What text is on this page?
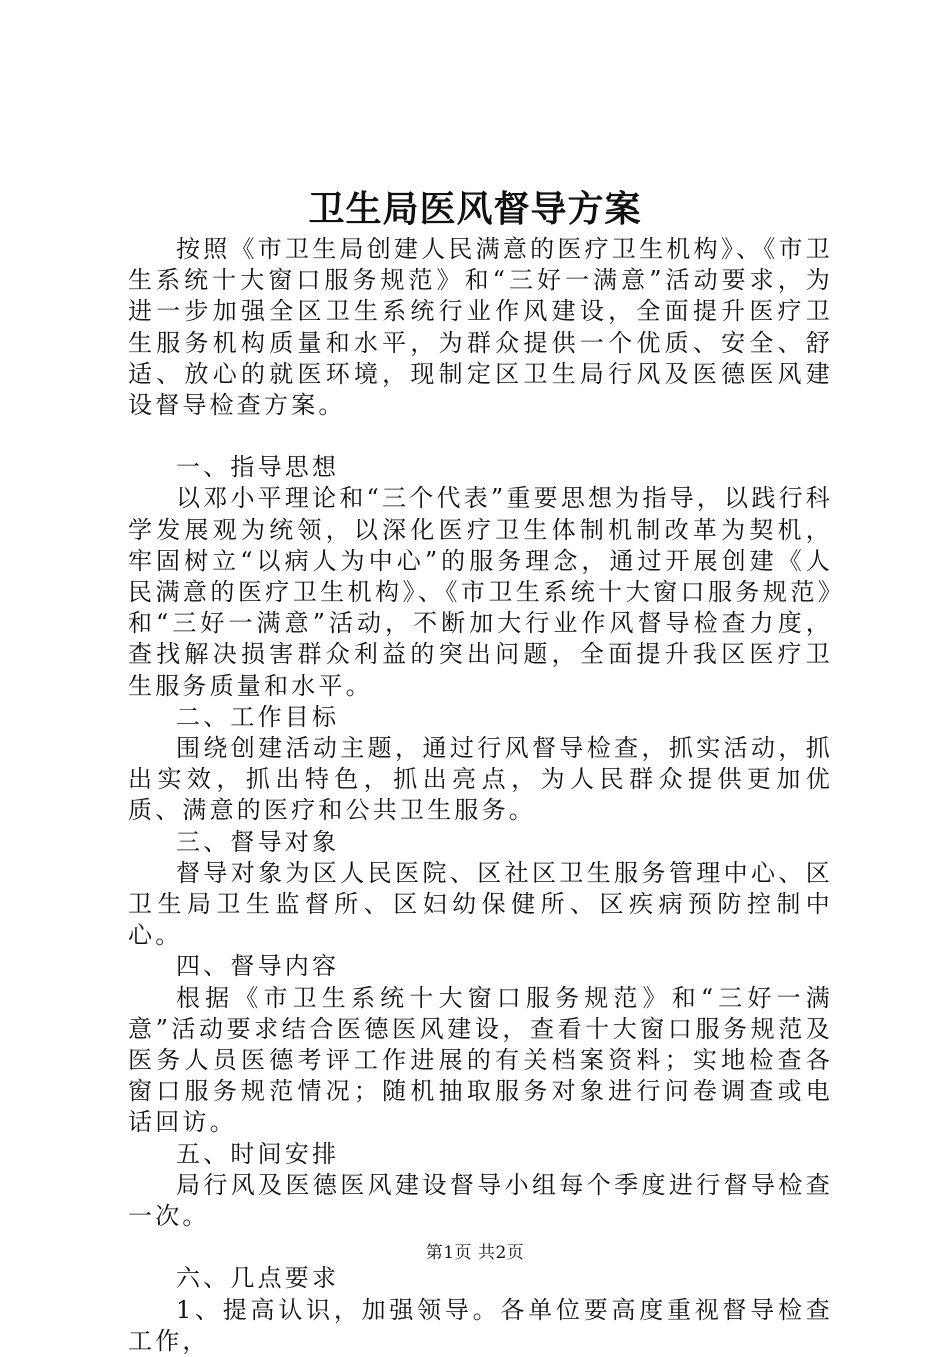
卫生局医风督导方案

按照《市卫生局创建人民满意的医疗卫生机构》、《市卫生系统十大窗口服务规范》和“三好一满意”活动要求，为进一步加强全区卫生系统行业作风建设，全面提升医疗卫生服务机构质量和水平，为群众提供一个优质、安全、舒适、放心的就医环境，现制定区卫生局行风及医德医风建设督导检查方案。

一、指导思想

以邓小平理论和“三个代表”重要思想为指导，以践行科学发展观为统领，以深化医疗卫生体制机制改革为契机，牢固树立“以病人为中心”的服务理念，通过开展创建《人民满意的医疗卫生机构》、《市卫生系统十大窗口服务规范》和“三好一满意”活动，不断加大行业作风督导检查力度，查找解决损害群众利益的突出问题，全面提升我区医疗卫生服务质量和水平。

二、工作目标

围绕创建活动主题，通过行风督导检查，抓实活动，抓出实效，抓出特色，抓出亮点，为人民群众提供更加优质、满意的医疗和公共卫生服务。

三、督导对象

督导对象为区人民医院、区社区卫生服务管理中心、区卫生局卫生监督所、区妇幼保健所、区疾病预防控制中心。

四、督导内容

根据《市卫生系统十大窗口服务规范》和“三好一满意”活动要求结合医德医风建设，查看十大窗口服务规范及医务人员医德考评工作进展的有关档案资料；实地检查各窗口服务规范情况；随机抽取服务对象进行问卷调查或电话回访。

五、时间安排

局行风及医德医风建设督导小组每个季度进行督导检查一次。

六、几点要求

1、提高认识，加强领导。各单位要高度重视督导检查工作，

第1页 共2页
